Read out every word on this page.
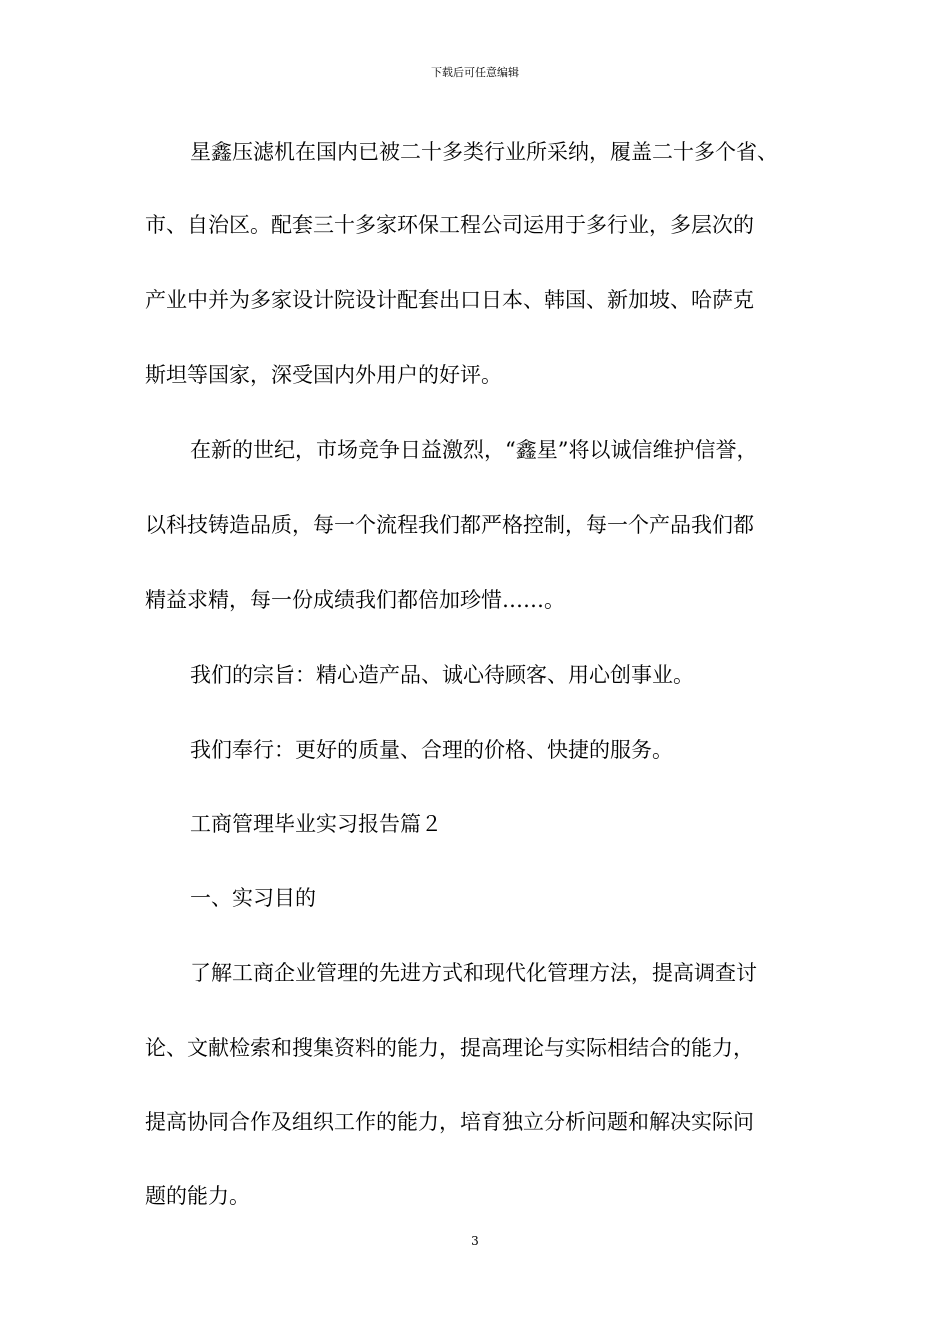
下载后可任意编辑
星鑫压滤机在国内已被二十多类行业所采纳，履盖二十多个省、
市、自治区。配套三十多家环保工程公司运用于多行业，多层次的
产业中并为多家设计院设计配套出口日本、韩国、新加坡、哈萨克
斯坦等国家，深受国内外用户的好评。
在新的世纪，市场竞争日益激烈，“鑫星”将以诚信维护信誉，
以科技铸造品质，每一个流程我们都严格控制，每一个产品我们都
精益求精，每一份成绩我们都倍加珍惜……。
我们的宗旨：精心造产品、诚心待顾客、用心创事业。
我们奉行：更好的质量、合理的价格、快捷的服务。
工商管理毕业实习报告篇２
一、实习目的
了解工商企业管理的先进方式和现代化管理方法，提高调查讨
论、文献检索和搜集资料的能力，提高理论与实际相结合的能力，
提高协同合作及组织工作的能力，培育独立分析问题和解决实际问
题的能力。
3
